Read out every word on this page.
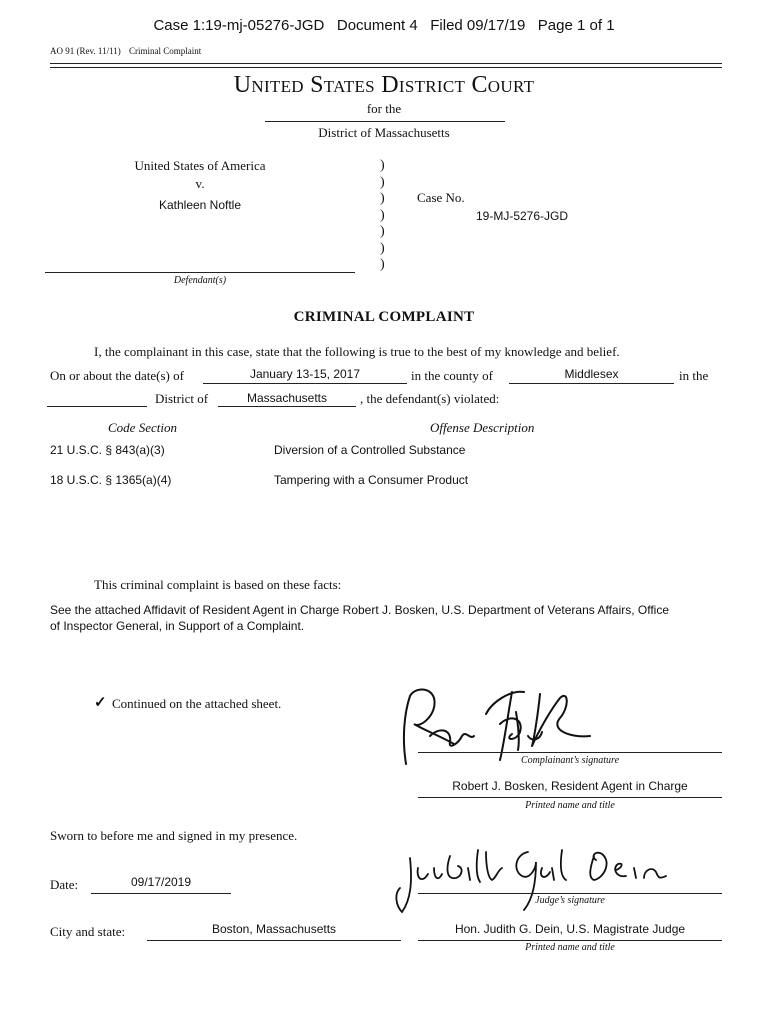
Case 1:19-mj-05276-JGD   Document 4   Filed 09/17/19   Page 1 of 1
AO 91 (Rev. 11/11) Criminal Complaint
United States District Court
for the
District of Massachusetts
United States of America
v.
Kathleen Noftle
Defendant(s)
)
)
)
)
)
)
)
Case No.
19-MJ-5276-JGD
CRIMINAL COMPLAINT
I, the complainant in this case, state that the following is true to the best of my knowledge and belief.
On or about the date(s) of	January 13-15, 2017	in the county of	Middlesex	in the
District of	Massachusetts	, the defendant(s) violated:
Code Section	Offense Description
21 U.S.C. § 843(a)(3)	Diversion of a Controlled Substance
18 U.S.C. § 1365(a)(4)	Tampering with a Consumer Product
This criminal complaint is based on these facts:
See the attached Affidavit of Resident Agent in Charge Robert J. Bosken, U.S. Department of Veterans Affairs, Office
of Inspector General, in Support of a Complaint.
✓ Continued on the attached sheet.
Complainant’s signature
Robert J. Bosken, Resident Agent in Charge
Printed name and title
Sworn to before me and signed in my presence.
Date:	09/17/2019
City and state:	Boston, Massachusetts
Judge’s signature
Hon. Judith G. Dein, U.S. Magistrate Judge
Printed name and title
